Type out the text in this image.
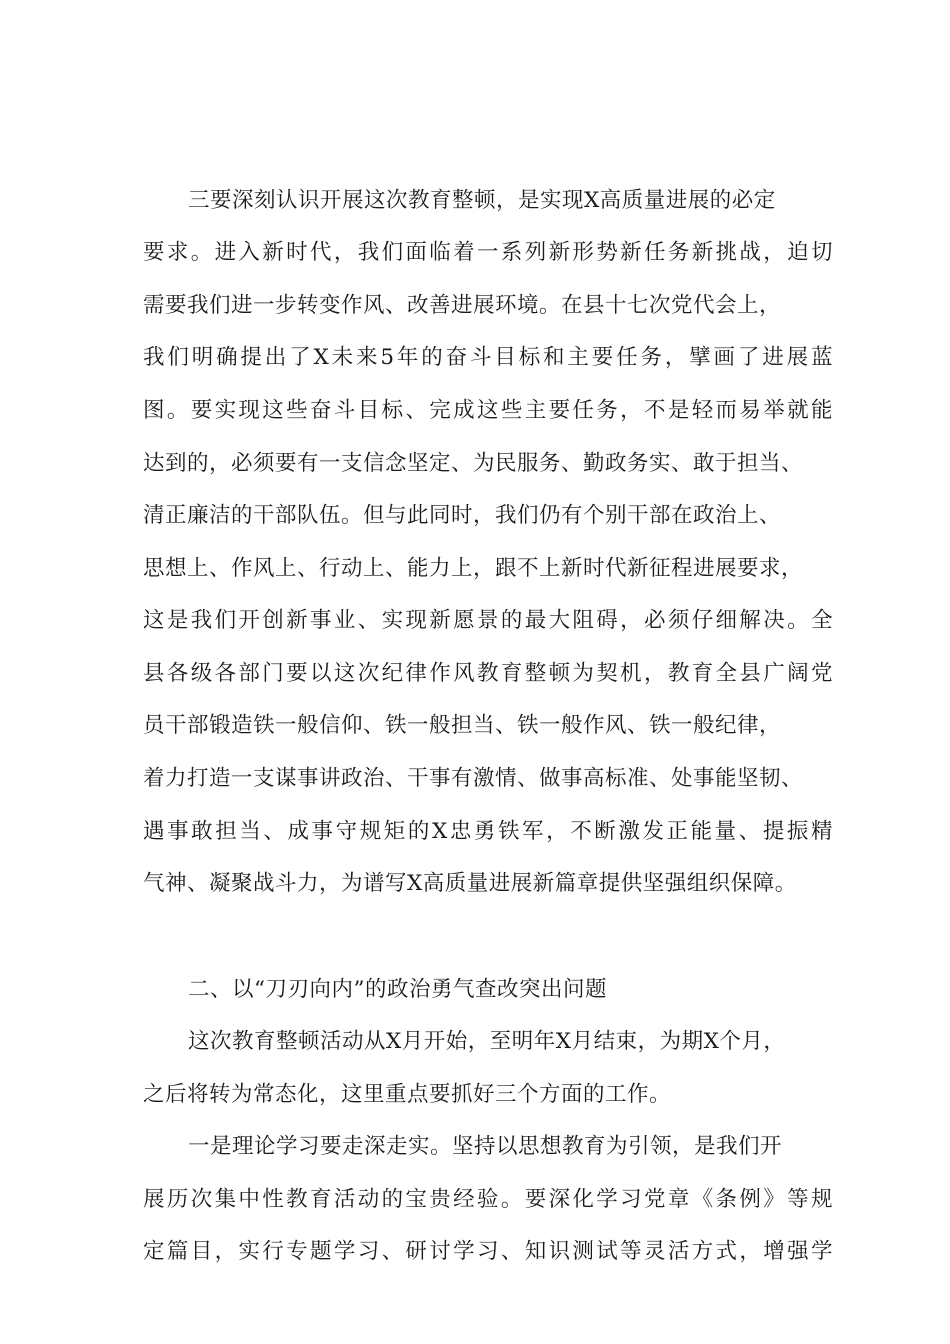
三要深刻认识开展这次教育整顿，是实现X高质量进展的必定
要求。进入新时代，我们面临着一系列新形势新任务新挑战，迫切
需要我们进一步转变作风、改善进展环境。在县十七次党代会上，
我们明确提出了X未来5年的奋斗目标和主要任务，擘画了进展蓝
图。要实现这些奋斗目标、完成这些主要任务，不是轻而易举就能
达到的，必须要有一支信念坚定、为民服务、勤政务实、敢于担当、
清正廉洁的干部队伍。但与此同时，我们仍有个别干部在政治上、
思想上、作风上、行动上、能力上，跟不上新时代新征程进展要求，
这是我们开创新事业、实现新愿景的最大阻碍，必须仔细解决。全
县各级各部门要以这次纪律作风教育整顿为契机，教育全县广阔党
员干部锻造铁一般信仰、铁一般担当、铁一般作风、铁一般纪律，
着力打造一支谋事讲政治、干事有激情、做事高标准、处事能坚韧、
遇事敢担当、成事守规矩的X忠勇铁军，不断激发正能量、提振精
气神、凝聚战斗力，为谱写X高质量进展新篇章提供坚强组织保障。
二、以“刀刃向内”的政治勇气查改突出问题
这次教育整顿活动从X月开始，至明年X月结束，为期X个月，
之后将转为常态化，这里重点要抓好三个方面的工作。
一是理论学习要走深走实。坚持以思想教育为引领，是我们开
展历次集中性教育活动的宝贵经验。要深化学习党章《条例》等规
定篇目，实行专题学习、研讨学习、知识测试等灵活方式，增强学
